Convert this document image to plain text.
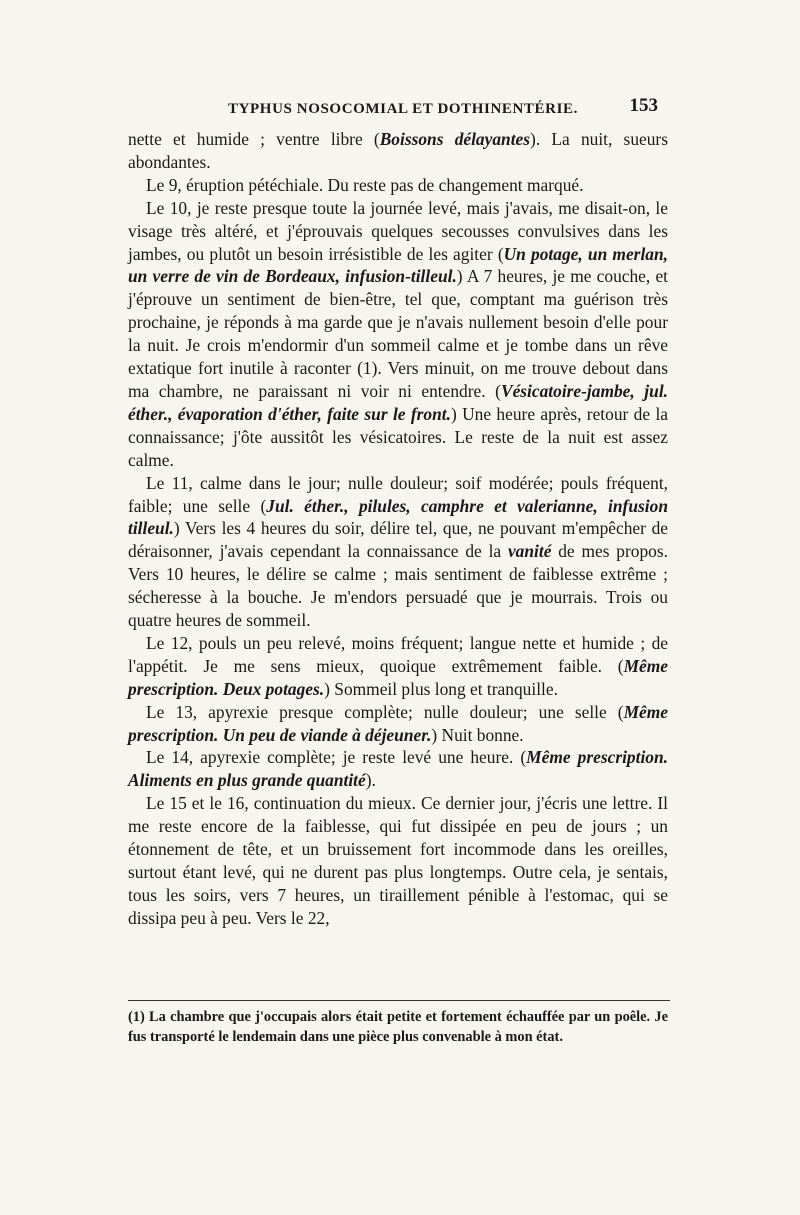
TYPHUS NOSOCOMIAL ET DOTHINENTÉRIE.	153

nette et humide ; ventre libre (Boissons délayantes). La nuit, sueurs abondantes.

Le 9, éruption pétéchiale. Du reste pas de changement marqué.

Le 10, je reste presque toute la journée levé, mais j'avais, me disait-on, le visage très altéré, et j'éprouvais quelques secousses convulsives dans les jambes, ou plutôt un besoin irrésistible de les agiter (Un potage, un merlan, un verre de vin de Bordeaux, infusion-tilleul.) A 7 heures, je me couche, et j'éprouve un sentiment de bien-être, tel que, comptant ma guérison très prochaine, je réponds à ma garde que je n'avais nullement besoin d'elle pour la nuit. Je crois m'endormir d'un sommeil calme et je tombe dans un rêve extatique fort inutile à raconter (1). Vers minuit, on me trouve debout dans ma chambre, ne paraissant ni voir ni entendre. (Vésicatoire-jambe, jul. éther., évaporation d'éther, faite sur le front.) Une heure après, retour de la connaissance; j'ôte aussitôt les vésicatoires. Le reste de la nuit est assez calme.

Le 11, calme dans le jour; nulle douleur; soif modérée; pouls fréquent, faible; une selle (Jul. éther., pilules, camphre et valerianne, infusion tilleul.) Vers les 4 heures du soir, délire tel, que, ne pouvant m'empêcher de déraisonner, j'avais cependant la connaissance de la vanité de mes propos. Vers 10 heures, le délire se calme ; mais sentiment de faiblesse extrême ; sécheresse à la bouche. Je m'endors persuadé que je mourrais. Trois ou quatre heures de sommeil.

Le 12, pouls un peu relevé, moins fréquent; langue nette et humide ; de l'appétit. Je me sens mieux, quoique extrêmement faible. (Même prescription. Deux potages.) Sommeil plus long et tranquille.

Le 13, apyrexie presque complète; nulle douleur; une selle (Même prescription. Un peu de viande à déjeuner.) Nuit bonne.

Le 14, apyrexie complète; je reste levé une heure. (Même prescription. Aliments en plus grande quantité).

Le 15 et le 16, continuation du mieux. Ce dernier jour, j'écris une lettre. Il me reste encore de la faiblesse, qui fut dissipée en peu de jours ; un étonnement de tête, et un bruissement fort incommode dans les oreilles, surtout étant levé, qui ne durent pas plus longtemps. Outre cela, je sentais, tous les soirs, vers 7 heures, un tiraillement pénible à l'estomac, qui se dissipa peu à peu. Vers le 22,

(1) La chambre que j'occupais alors était petite et fortement échauffée par un poêle. Je fus transporté le lendemain dans une pièce plus convenable à mon état.
